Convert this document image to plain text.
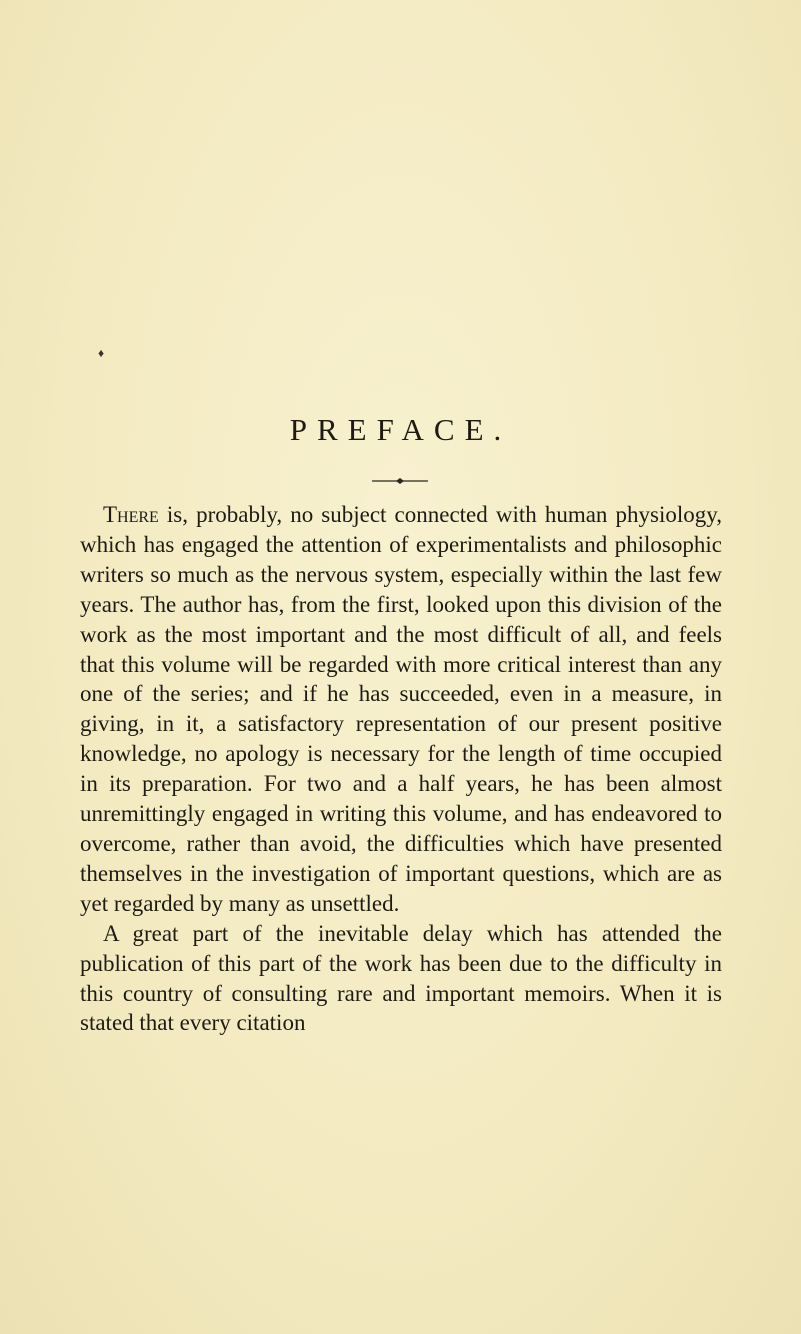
♦
PREFACE.

There is, probably, no subject connected with human physiology, which has engaged the attention of experimentalists and philosophic writers so much as the nervous system, especially within the last few years. The author has, from the first, looked upon this division of the work as the most important and the most difficult of all, and feels that this volume will be regarded with more critical interest than any one of the series; and if he has succeeded, even in a measure, in giving, in it, a satisfactory representation of our present positive knowledge, no apology is necessary for the length of time occupied in its preparation. For two and a half years, he has been almost unremittingly engaged in writing this volume, and has endeavored to overcome, rather than avoid, the difficulties which have presented themselves in the investigation of important questions, which are as yet regarded by many as unsettled.

A great part of the inevitable delay which has attended the publication of this part of the work has been due to the difficulty in this country of consulting rare and important memoirs. When it is stated that every citation
